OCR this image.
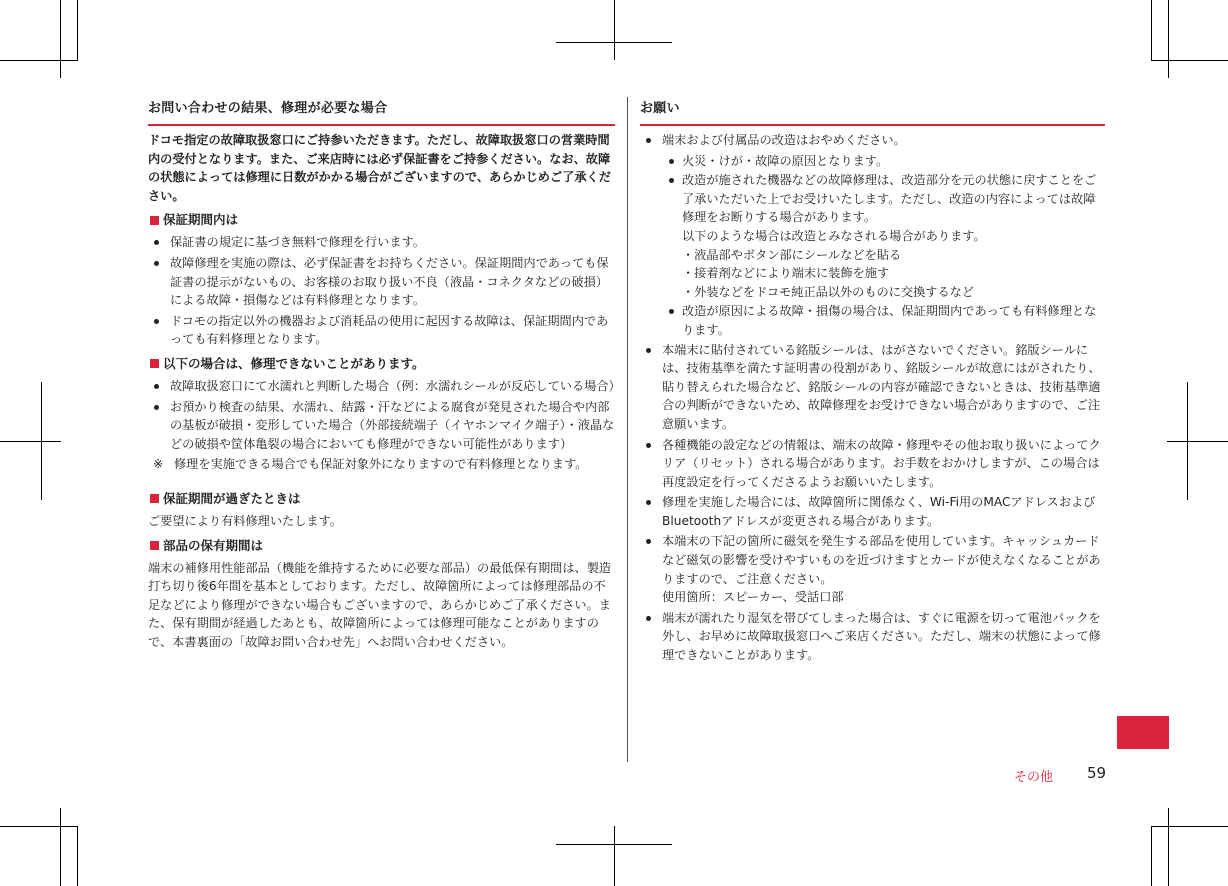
お問い合わせの結果、修理が必要な場合

ドコモ指定の故障取扱窓口にご持参いただきます。ただし、故障取扱窓口の営業時間内の受付となります。また、ご来店時には必ず保証書をご持参ください。なお、故障の状態によっては修理に日数がかかる場合がございますので、あらかじめご了承ください。

保証期間内は
保証書の規定に基づき無料で修理を行います。
故障修理を実施の際は、必ず保証書をお持ちください。保証期間内であっても保証書の提示がないもの、お客様のお取り扱い不良（液晶・コネクタなどの破損）による故障・損傷などは有料修理となります。
ドコモの指定以外の機器および消耗品の使用に起因する故障は、保証期間内であっても有料修理となります。
以下の場合は、修理できないことがあります。
故障取扱窓口にて水濡れと判断した場合（例：水濡れシールが反応している場合）
お預かり検査の結果、水濡れ、結露・汗などによる腐食が発見された場合や内部の基板が破損・変形していた場合（外部接続端子（イヤホンマイク端子）・液晶などの破損や筐体亀裂の場合においても修理ができない可能性があります）
※ 修理を実施できる場合でも保証対象外になりますので有料修理となります。
保証期間が過ぎたときは

ご要望により有料修理いたします。

部品の保有期間は

端末の補修用性能部品（機能を維持するために必要な部品）の最低保有期間は、製造打ち切り後6年間を基本としております。ただし、故障箇所によっては修理部品の不足などにより修理ができない場合もございますので、あらかじめご了承ください。また、保有期間が経過したあとも、故障箇所によっては修理可能なことがありますので、本書裏面の「故障お問い合わせ先」へお問い合わせください。

お願い
端末および付属品の改造はおやめください。
火災・けが・故障の原因となります。
改造が施された機器などの故障修理は、改造部分を元の状態に戻すことをご了承いただいた上でお受けいたします。ただし、改造の内容によっては故障修理をお断りする場合があります。
以下のような場合は改造とみなされる場合があります。
・液晶部やボタン部にシールなどを貼る
・接着剤などにより端末に装飾を施す
・外装などをドコモ純正品以外のものに交換するなど
改造が原因による故障・損傷の場合は、保証期間内であっても有料修理となります。
本端末に貼付されている銘版シールは、はがさないでください。銘版シールには、技術基準を満たす証明書の役割があり、銘版シールが故意にはがされたり、貼り替えられた場合など、銘版シールの内容が確認できないときは、技術基準適合の判断ができないため、故障修理をお受けできない場合がありますので、ご注意願います。
各種機能の設定などの情報は、端末の故障・修理やその他お取り扱いによってクリア（リセット）される場合があります。お手数をおかけしますが、この場合は再度設定を行ってくださるようお願いいたします。
修理を実施した場合には、故障箇所に関係なく、Wi-Fi用のMACアドレスおよびBluetoothアドレスが変更される場合があります。
本端末の下記の箇所に磁気を発生する部品を使用しています。キャッシュカードなど磁気の影響を受けやすいものを近づけますとカードが使えなくなることがありますので、ご注意ください。
使用箇所：スピーカー、受話口部
端末が濡れたり湿気を帯びてしまった場合は、すぐに電源を切って電池パックを外し、お早めに故障取扱窓口へご来店ください。ただし、端末の状態によって修理できないことがあります。
その他 59
